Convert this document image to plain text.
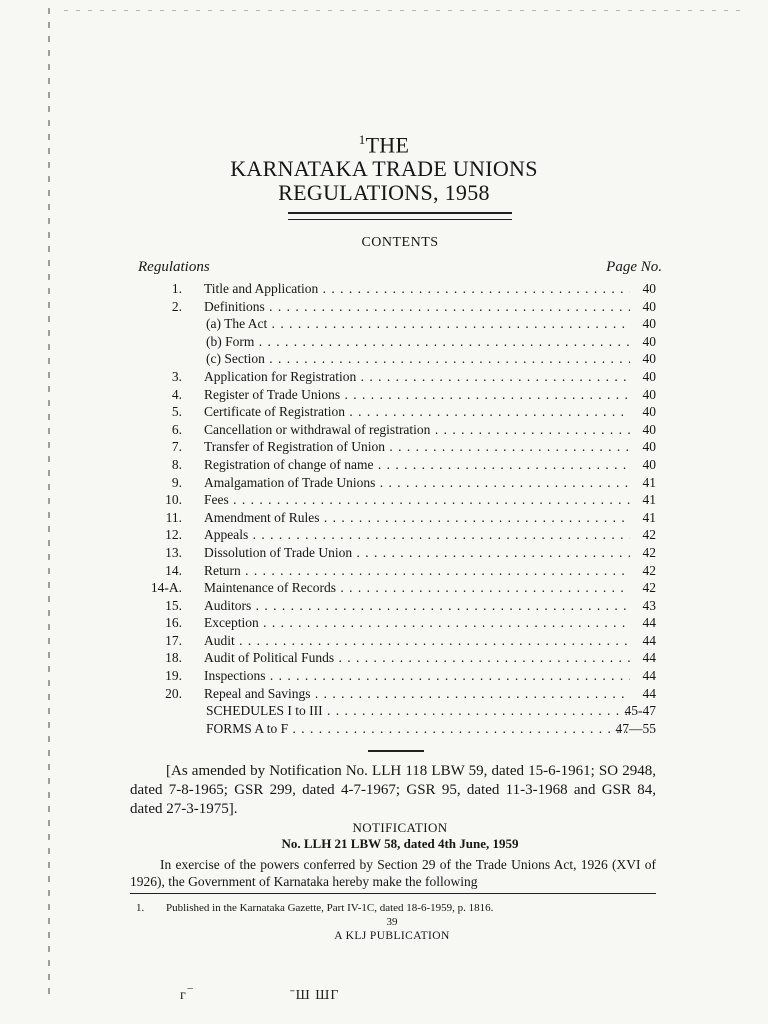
$^1$THE
KARNATAKA TRADE UNIONS
REGULATIONS, 1958
CONTENTS
Regulations	Page No.
1. Title and Application . . .	40
2. Definitions . . .	40
(a) The Act . . .	40
(b) Form . . .	40
(c) Section . . .	40
3. Application for Registration . . .	40
4. Register of Trade Unions . . .	40
5. Certificate of Registration . . .	40
6. Cancellation or withdrawal of registration . . .	40
7. Transfer of Registration of Union . . .	40
8. Registration of change of name . . .	40
9. Amalgamation of Trade Unions . . .	41
10. Fees . . .	41
11. Amendment of Rules . . .	41
12. Appeals . . .	42
13. Dissolution of Trade Union . . .	42
14. Return . . .	42
14-A. Maintenance of Records . . .	42
15. Auditors . . .	43
16. Exception . . .	44
17. Audit . . .	44
18. Audit of Political Funds . . .	44
19. Inspections . . .	44
20. Repeal and Savings . . .	44
SCHEDULES I to III . . .	45-47
FORMS A to F . . .	47—55
[As amended by Notification No. LLH 118 LBW 59, dated 15-6-1961; SO 2948, dated 7-8-1965; GSR 299, dated 4-7-1967; GSR 95, dated 11-3-1968 and GSR 84, dated 27-3-1975].
NOTIFICATION
No. LLH 21 LBW 58, dated 4th June, 1959
In exercise of the powers conferred by Section 29 of the Trade Unions Act, 1926 (XVI of 1926), the Government of Karnataka hereby make the following
1. Published in the Karnataka Gazette, Part IV-1C, dated 18-6-1959, p. 1816.
39
A KLJ PUBLICATION
ᴦ‾	ˉШ ШГ
